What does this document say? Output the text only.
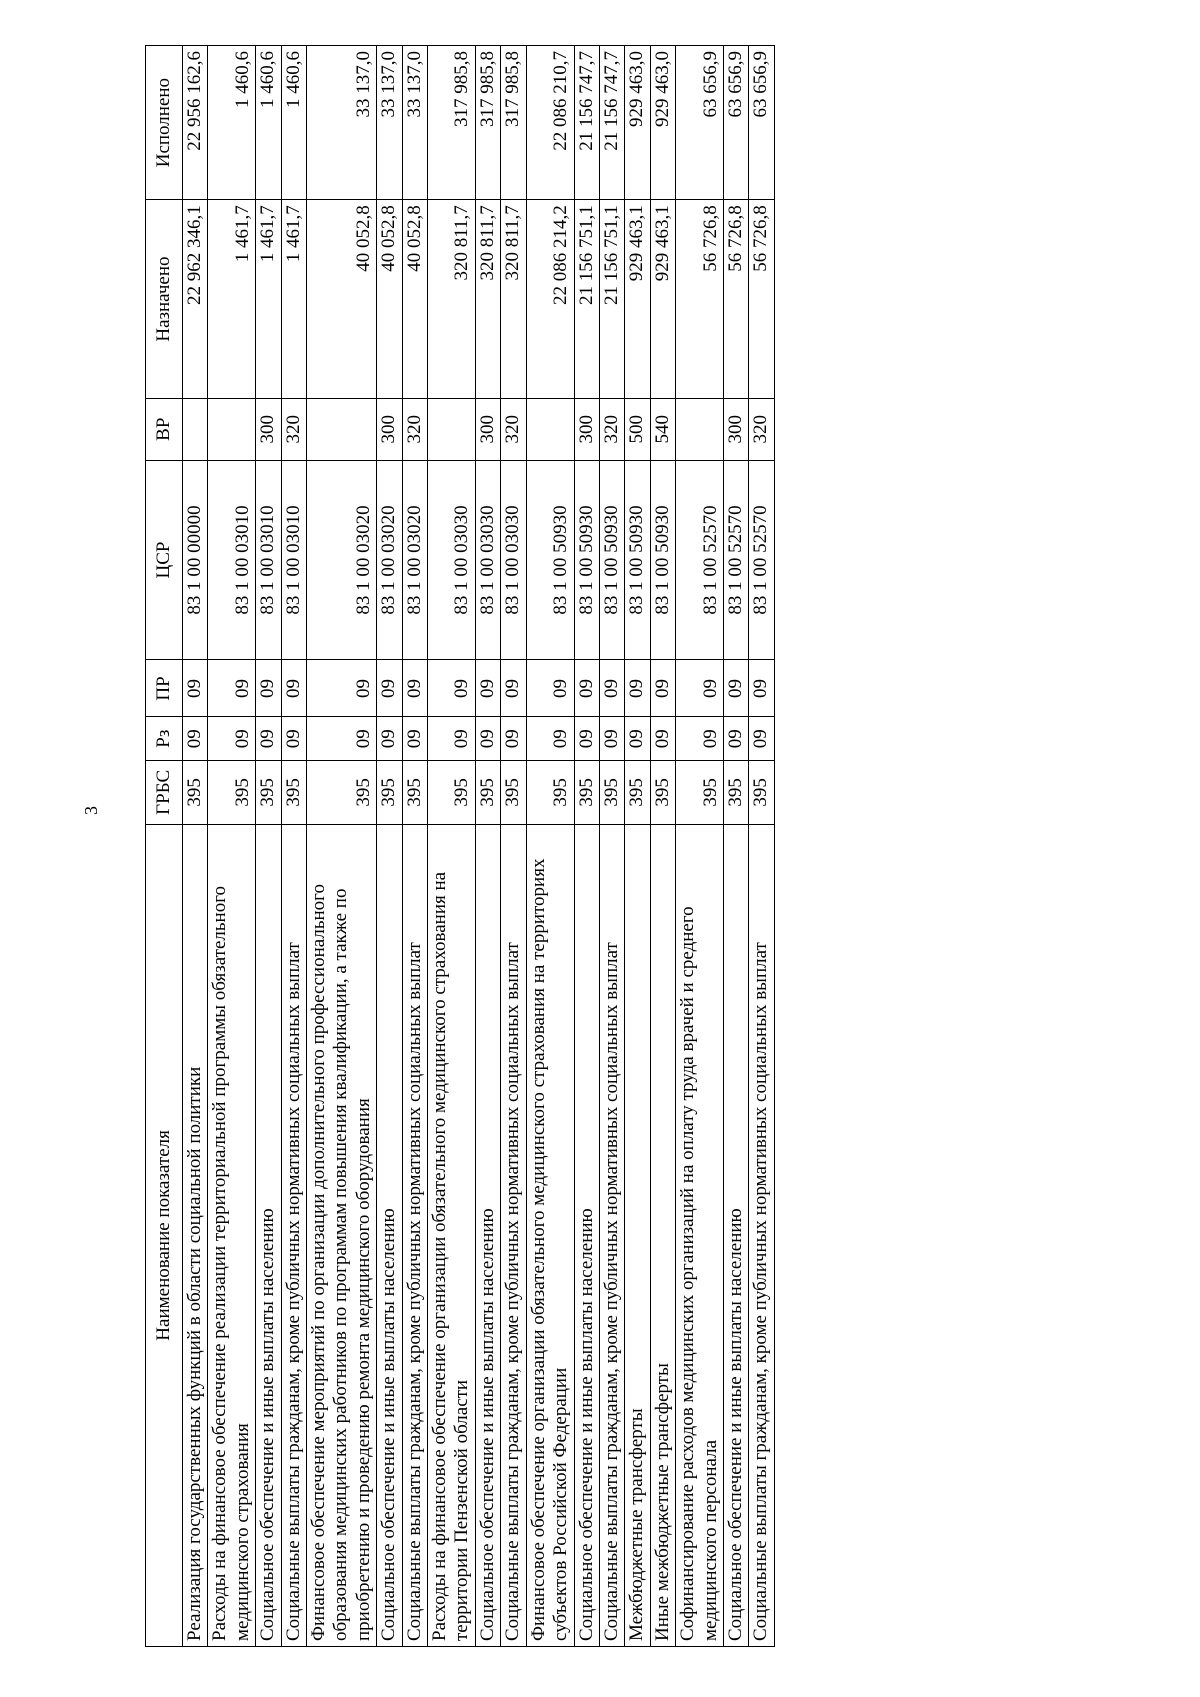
3
Наименование показателя	ГРБС	Рз	ПР	ЦСР	ВР	Назначено	Исполнено
Реализация государственных функций в области социальной политики	395	09	09	83 1 00 00000		22 962 346,1	22 956 162,6
Расходы на финансовое обеспечение реализации территориальной программы обязательного медицинского страхования	395	09	09	83 1 00 03010		1 461,7	1 460,6
Социальное обеспечение и иные выплаты населению	395	09	09	83 1 00 03010	300	1 461,7	1 460,6
Социальные выплаты гражданам, кроме публичных нормативных социальных выплат	395	09	09	83 1 00 03010	320	1 461,7	1 460,6
Финансовое обеспечение мероприятий по организации дополнительного профессионального образования медицинских работников по программам повышения квалификации, а также по приобретению и проведению ремонта медицинского оборудования	395	09	09	83 1 00 03020		40 052,8	33 137,0
Социальное обеспечение и иные выплаты населению	395	09	09	83 1 00 03020	300	40 052,8	33 137,0
Социальные выплаты гражданам, кроме публичных нормативных социальных выплат	395	09	09	83 1 00 03020	320	40 052,8	33 137,0
Расходы на финансовое обеспечение организации обязательного медицинского страхования на территории Пензенской области	395	09	09	83 1 00 03030		320 811,7	317 985,8
Социальное обеспечение и иные выплаты населению	395	09	09	83 1 00 03030	300	320 811,7	317 985,8
Социальные выплаты гражданам, кроме публичных нормативных социальных выплат	395	09	09	83 1 00 03030	320	320 811,7	317 985,8
Финансовое обеспечение организации обязательного медицинского страхования на территориях субъектов Российской Федерации	395	09	09	83 1 00 50930		22 086 214,2	22 086 210,7
Социальное обеспечение и иные выплаты населению	395	09	09	83 1 00 50930	300	21 156 751,1	21 156 747,7
Социальные выплаты гражданам, кроме публичных нормативных социальных выплат	395	09	09	83 1 00 50930	320	21 156 751,1	21 156 747,7
Межбюджетные трансферты	395	09	09	83 1 00 50930	500	929 463,1	929 463,0
Иные межбюджетные трансферты	395	09	09	83 1 00 50930	540	929 463,1	929 463,0
Софинансирование расходов медицинских организаций на оплату труда врачей и среднего медицинского персонала	395	09	09	83 1 00 52570		56 726,8	63 656,9
Социальное обеспечение и иные выплаты населению	395	09	09	83 1 00 52570	300	56 726,8	63 656,9
Социальные выплаты гражданам, кроме публичных нормативных социальных выплат	395	09	09	83 1 00 52570	320	56 726,8	63 656,9
